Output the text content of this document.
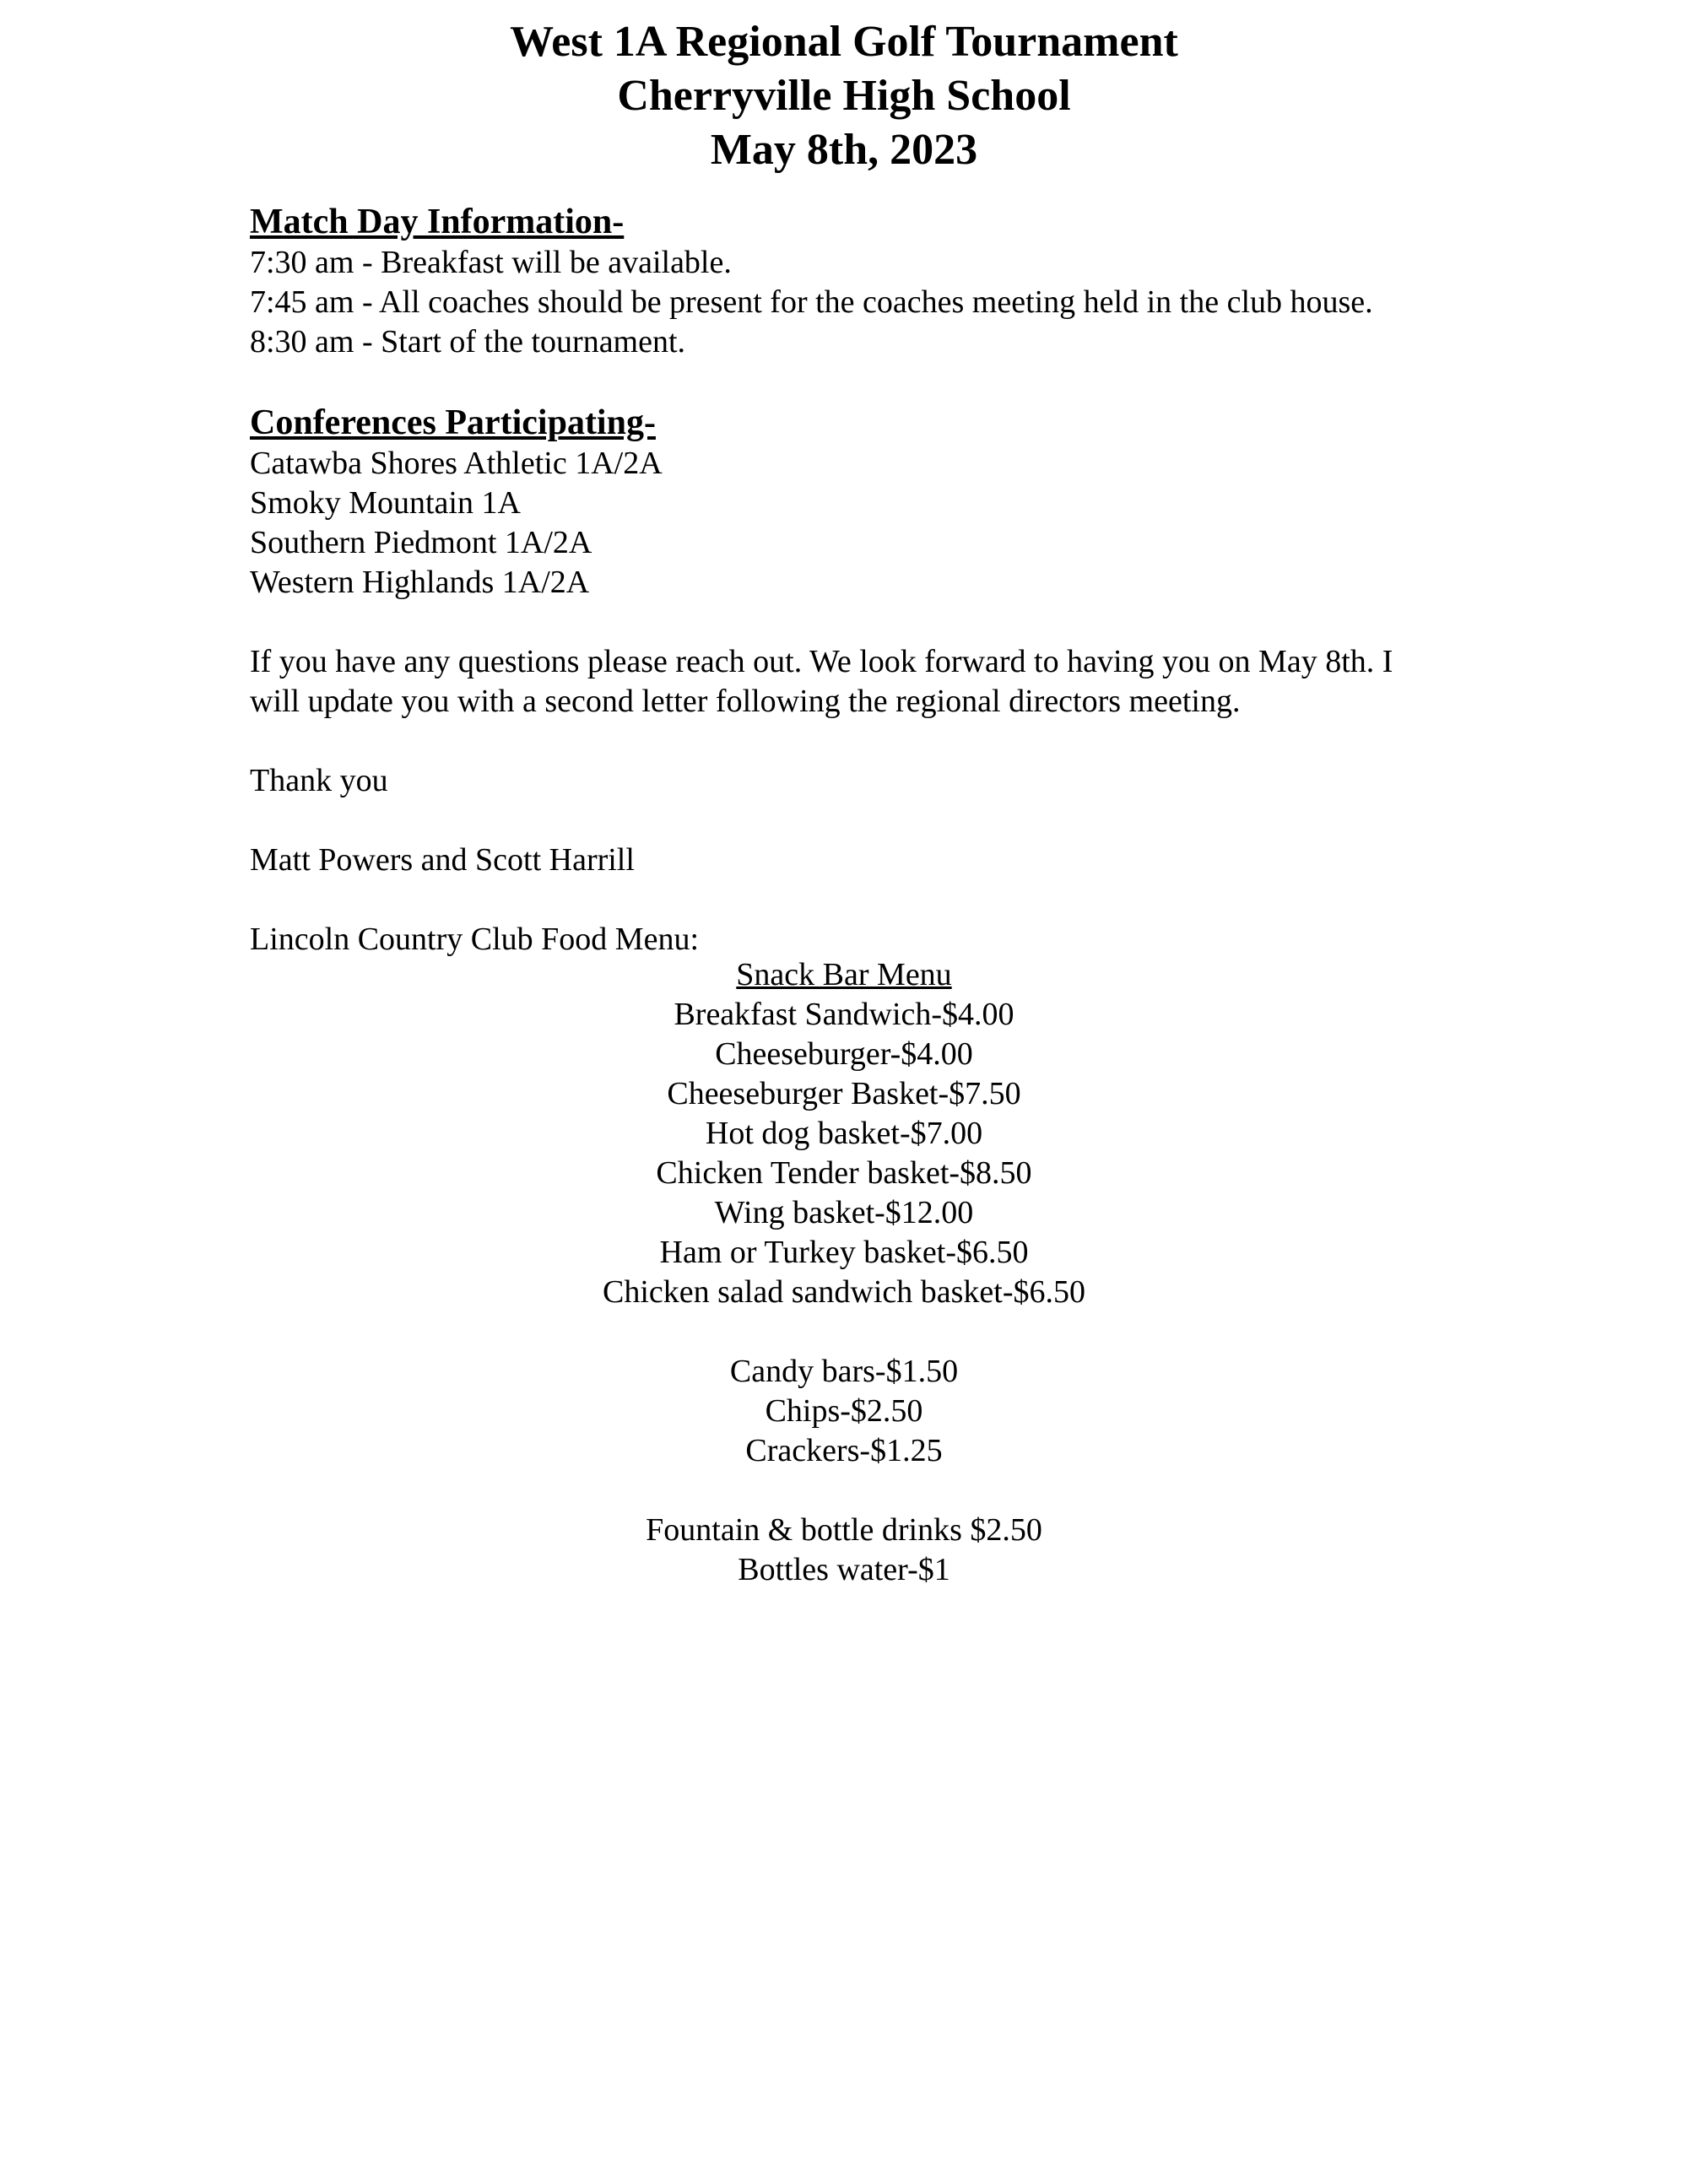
West 1A Regional Golf Tournament
Cherryville High School
May 8th, 2023
Match Day Information-
7:30 am - Breakfast will be available.
7:45 am - All coaches should be present for the coaches meeting held in the club house.
8:30 am - Start of the tournament.
Conferences Participating-
Catawba Shores Athletic 1A/2A
Smoky Mountain 1A
Southern Piedmont 1A/2A
Western Highlands 1A/2A
If you have any questions please reach out. We look forward to having you on May 8th. I
will update you with a second letter following the regional directors meeting.
Thank you
Matt Powers and Scott Harrill
Lincoln Country Club Food Menu:
Snack Bar Menu
Breakfast Sandwich-$4.00
Cheeseburger-$4.00
Cheeseburger Basket-$7.50
Hot dog basket-$7.00
Chicken Tender basket-$8.50
Wing basket-$12.00
Ham or Turkey basket-$6.50
Chicken salad sandwich basket-$6.50
Candy bars-$1.50
Chips-$2.50
Crackers-$1.25
Fountain & bottle drinks $2.50
Bottles water-$1
